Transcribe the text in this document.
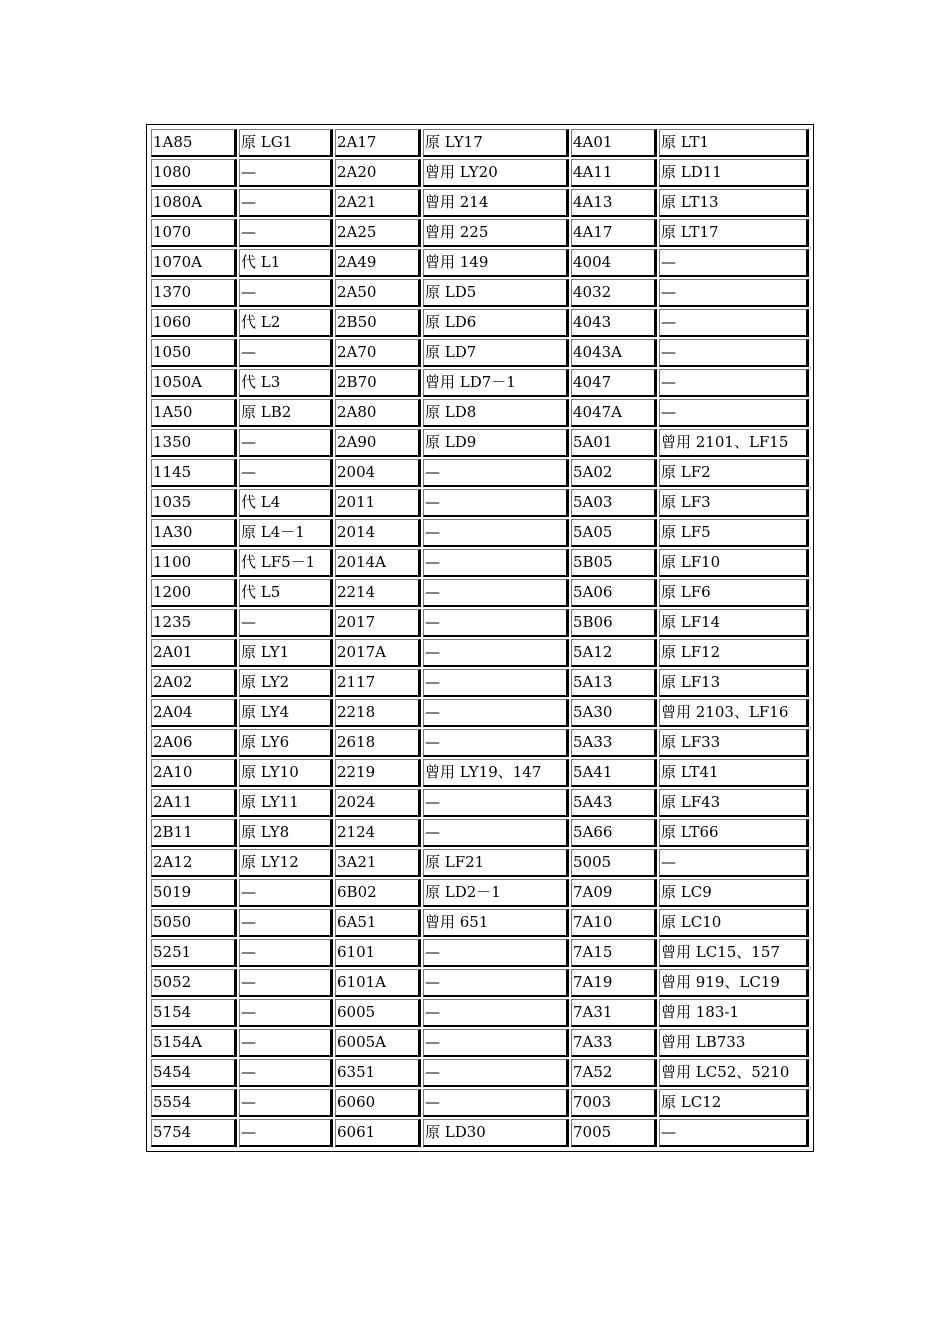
1A85	原 LG1	2A17	原 LY17	4A01	原 LT1
1080	—	2A20	曾用 LY20	4A11	原 LD11
1080A	—	2A21	曾用 214	4A13	原 LT13
1070	—	2A25	曾用 225	4A17	原 LT17
1070A	代 L1	2A49	曾用 149	4004	—
1370	—	2A50	原 LD5	4032	—
1060	代 L2	2B50	原 LD6	4043	—
1050	—	2A70	原 LD7	4043A	—
1050A	代 L3	2B70	曾用 LD7－1	4047	—
1A50	原 LB2	2A80	原 LD8	4047A	—
1350	—	2A90	原 LD9	5A01	曾用 2101、LF15
1145	—	2004	—	5A02	原 LF2
1035	代 L4	2011	—	5A03	原 LF3
1A30	原 L4－1	2014	—	5A05	原 LF5
1100	代 LF5－1	2014A	—	5B05	原 LF10
1200	代 L5	2214	—	5A06	原 LF6
1235	—	2017	—	5B06	原 LF14
2A01	原 LY1	2017A	—	5A12	原 LF12
2A02	原 LY2	2117	—	5A13	原 LF13
2A04	原 LY4	2218	—	5A30	曾用 2103、LF16
2A06	原 LY6	2618	—	5A33	原 LF33
2A10	原 LY10	2219	曾用 LY19、147	5A41	原 LT41
2A11	原 LY11	2024	—	5A43	原 LF43
2B11	原 LY8	2124	—	5A66	原 LT66
2A12	原 LY12	3A21	原 LF21	5005	—
5019	—	6B02	原 LD2－1	7A09	原 LC9
5050	—	6A51	曾用 651	7A10	原 LC10
5251	—	6101	—	7A15	曾用 LC15、157
5052	—	6101A	—	7A19	曾用 919、LC19
5154	—	6005	—	7A31	曾用 183-1
5154A	—	6005A	—	7A33	曾用 LB733
5454	—	6351	—	7A52	曾用 LC52、5210
5554	—	6060	—	7003	原 LC12
5754	—	6061	原 LD30	7005	—
